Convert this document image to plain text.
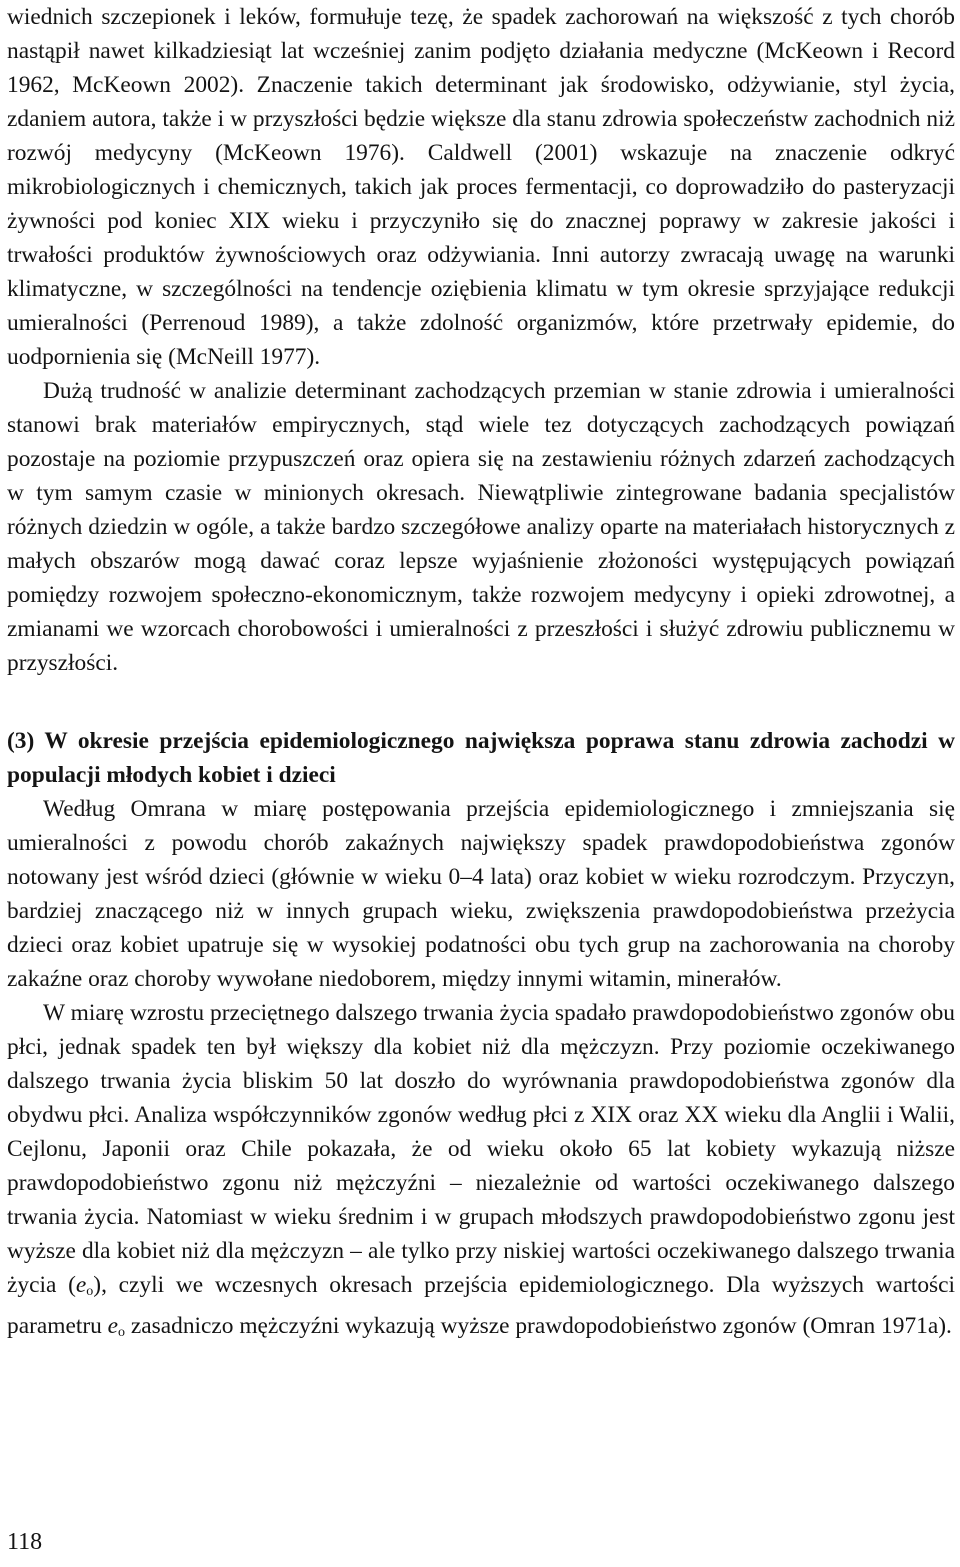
wiednich szczepionek i leków, formułuje tezę, że spadek zachorowań na większość z tych chorób nastąpił nawet kilkadziesiąt lat wcześniej zanim podjęto działania medyczne (McKeown i Record 1962, McKeown 2002). Znaczenie takich determinant jak środowisko, odżywianie, styl życia, zdaniem autora, także i w przyszłości będzie większe dla stanu zdrowia społeczeństw zachodnich niż rozwój medycyny (McKeown 1976). Caldwell (2001) wskazuje na znaczenie odkryć mikrobiologicznych i chemicznych, takich jak proces fermentacji, co doprowadziło do pasteryzacji żywności pod koniec XIX wieku i przyczyniło się do znacznej poprawy w zakresie jakości i trwałości produktów żywnościowych oraz odżywiania. Inni autorzy zwracają uwagę na warunki klimatyczne, w szczególności na tendencje oziębienia klimatu w tym okresie sprzyjające redukcji umieralności (Perrenoud 1989), a także zdolność organizmów, które przetrwały epidemie, do uodpornienia się (McNeill 1977).

Dużą trudność w analizie determinant zachodzących przemian w stanie zdrowia i umieralności stanowi brak materiałów empirycznych, stąd wiele tez dotyczących zachodzących powiązań pozostaje na poziomie przypuszczeń oraz opiera się na zestawieniu różnych zdarzeń zachodzących w tym samym czasie w minionych okresach. Niewątpliwie zintegrowane badania specjalistów różnych dziedzin w ogóle, a także bardzo szczegółowe analizy oparte na materiałach historycznych z małych obszarów mogą dawać coraz lepsze wyjaśnienie złożoności występujących powiązań pomiędzy rozwojem społeczno-ekonomicznym, także rozwojem medycyny i opieki zdrowotnej, a zmianami we wzorcach chorobowości i umieralności z przeszłości i służyć zdrowiu publicznemu w przyszłości.

(3) W okresie przejścia epidemiologicznego największa poprawa stanu zdrowia zachodzi w populacji młodych kobiet i dzieci

Według Omrana w miarę postępowania przejścia epidemiologicznego i zmniejszania się umieralności z powodu chorób zakaźnych największy spadek prawdopodobieństwa zgonów notowany jest wśród dzieci (głównie w wieku 0–4 lata) oraz kobiet w wieku rozrodczym. Przyczyn, bardziej znaczącego niż w innych grupach wieku, zwiększenia prawdopodobieństwa przeżycia dzieci oraz kobiet upatruje się w wysokiej podatności obu tych grup na zachorowania na choroby zakaźne oraz choroby wywołane niedoborem, między innymi witamin, minerałów.

W miarę wzrostu przeciętnego dalszego trwania życia spadało prawdopodobieństwo zgonów obu płci, jednak spadek ten był większy dla kobiet niż dla mężczyzn. Przy poziomie oczekiwanego dalszego trwania życia bliskim 50 lat doszło do wyrównania prawdopodobieństwa zgonów dla obydwu płci. Analiza współczynników zgonów według płci z XIX oraz XX wieku dla Anglii i Walii, Cejlonu, Japonii oraz Chile pokazała, że od wieku około 65 lat kobiety wykazują niższe prawdopodobieństwo zgonu niż mężczyźni – niezależnie od wartości oczekiwanego dalszego trwania życia. Natomiast w wieku średnim i w grupach młodszych prawdopodobieństwo zgonu jest wyższe dla kobiet niż dla mężczyzn – ale tylko przy niskiej wartości oczekiwanego dalszego trwania życia $(e_o)$, czyli we wczesnych okresach przejścia epidemiologicznego. Dla wyższych wartości parametru $e_o$ zasadniczo mężczyźni wykazują wyższe prawdopodobieństwo zgonów (Omran 1971a).

118
